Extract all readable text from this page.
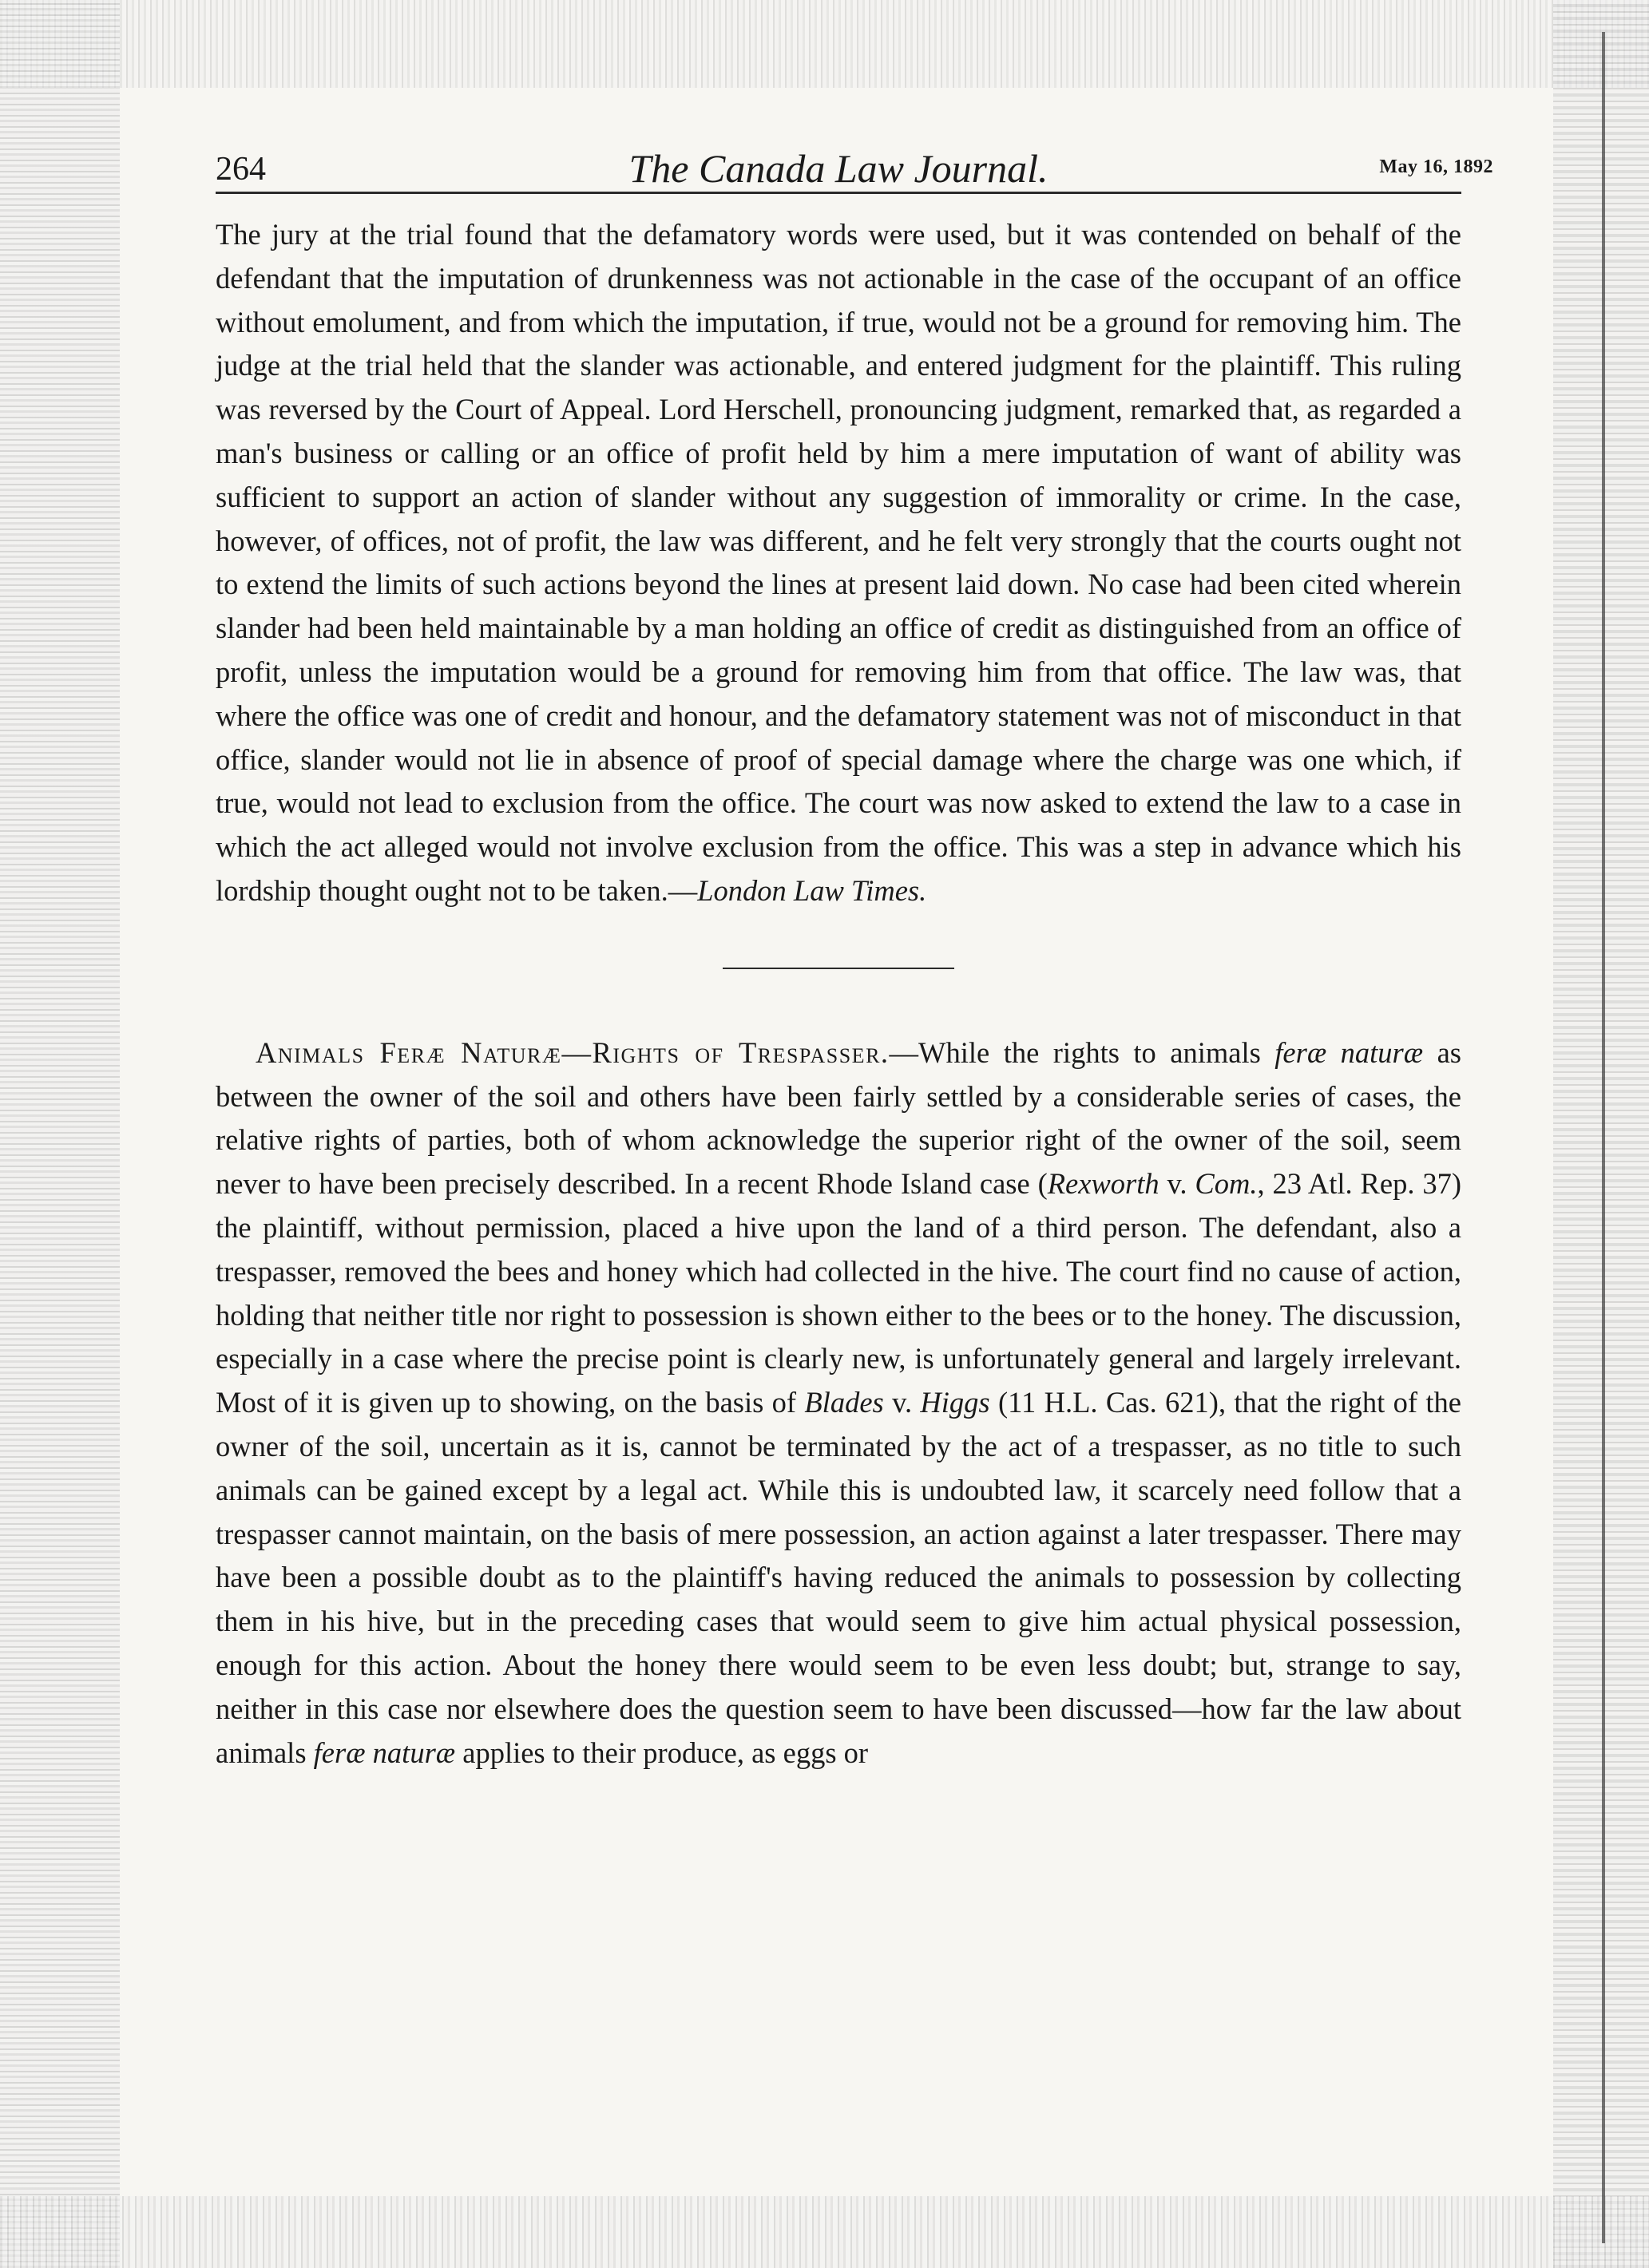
264	The Canada Law Journal.	May 16, 1892

The jury at the trial found that the defamatory words were used, but it was contended on behalf of the defendant that the imputation of drunkenness was not actionable in the case of the occupant of an office without emolument, and from which the imputation, if true, would not be a ground for removing him. The judge at the trial held that the slander was actionable, and entered judgment for the plaintiff. This ruling was reversed by the Court of Appeal. Lord Herschell, pronouncing judgment, remarked that, as regarded a man's business or calling or an office of profit held by him a mere imputation of want of ability was sufficient to support an action of slander without any suggestion of immorality or crime. In the case, however, of offices, not of profit, the law was different, and he felt very strongly that the courts ought not to extend the limits of such actions beyond the lines at present laid down. No case had been cited wherein slander had been held maintainable by a man holding an office of credit as distinguished from an office of profit, unless the imputation would be a ground for removing him from that office. The law was, that where the office was one of credit and honour, and the defamatory statement was not of misconduct in that office, slander would not lie in absence of proof of special damage where the charge was one which, if true, would not lead to exclusion from the office. The court was now asked to extend the law to a case in which the act alleged would not involve exclusion from the office. This was a step in advance which his lordship thought ought not to be taken.—London Law Times.

Animals Feræ Naturæ—Rights of Trespasser.—While the rights to animals feræ naturæ as between the owner of the soil and others have been fairly settled by a considerable series of cases, the relative rights of parties, both of whom acknowledge the superior right of the owner of the soil, seem never to have been precisely described. In a recent Rhode Island case (Rexworth v. Com., 23 Atl. Rep. 37) the plaintiff, without permission, placed a hive upon the land of a third person. The defendant, also a trespasser, removed the bees and honey which had collected in the hive. The court find no cause of action, holding that neither title nor right to possession is shown either to the bees or to the honey. The discussion, especially in a case where the precise point is clearly new, is unfortunately general and largely irrelevant. Most of it is given up to showing, on the basis of Blades v. Higgs (11 H.L. Cas. 621), that the right of the owner of the soil, uncertain as it is, cannot be terminated by the act of a trespasser, as no title to such animals can be gained except by a legal act. While this is undoubted law, it scarcely need follow that a trespasser cannot maintain, on the basis of mere possession, an action against a later trespasser. There may have been a possible doubt as to the plaintiff's having reduced the animals to possession by collecting them in his hive, but in the preceding cases that would seem to give him actual physical possession, enough for this action. About the honey there would seem to be even less doubt; but, strange to say, neither in this case nor elsewhere does the question seem to have been discussed—how far the law about animals feræ naturæ applies to their produce, as eggs or
